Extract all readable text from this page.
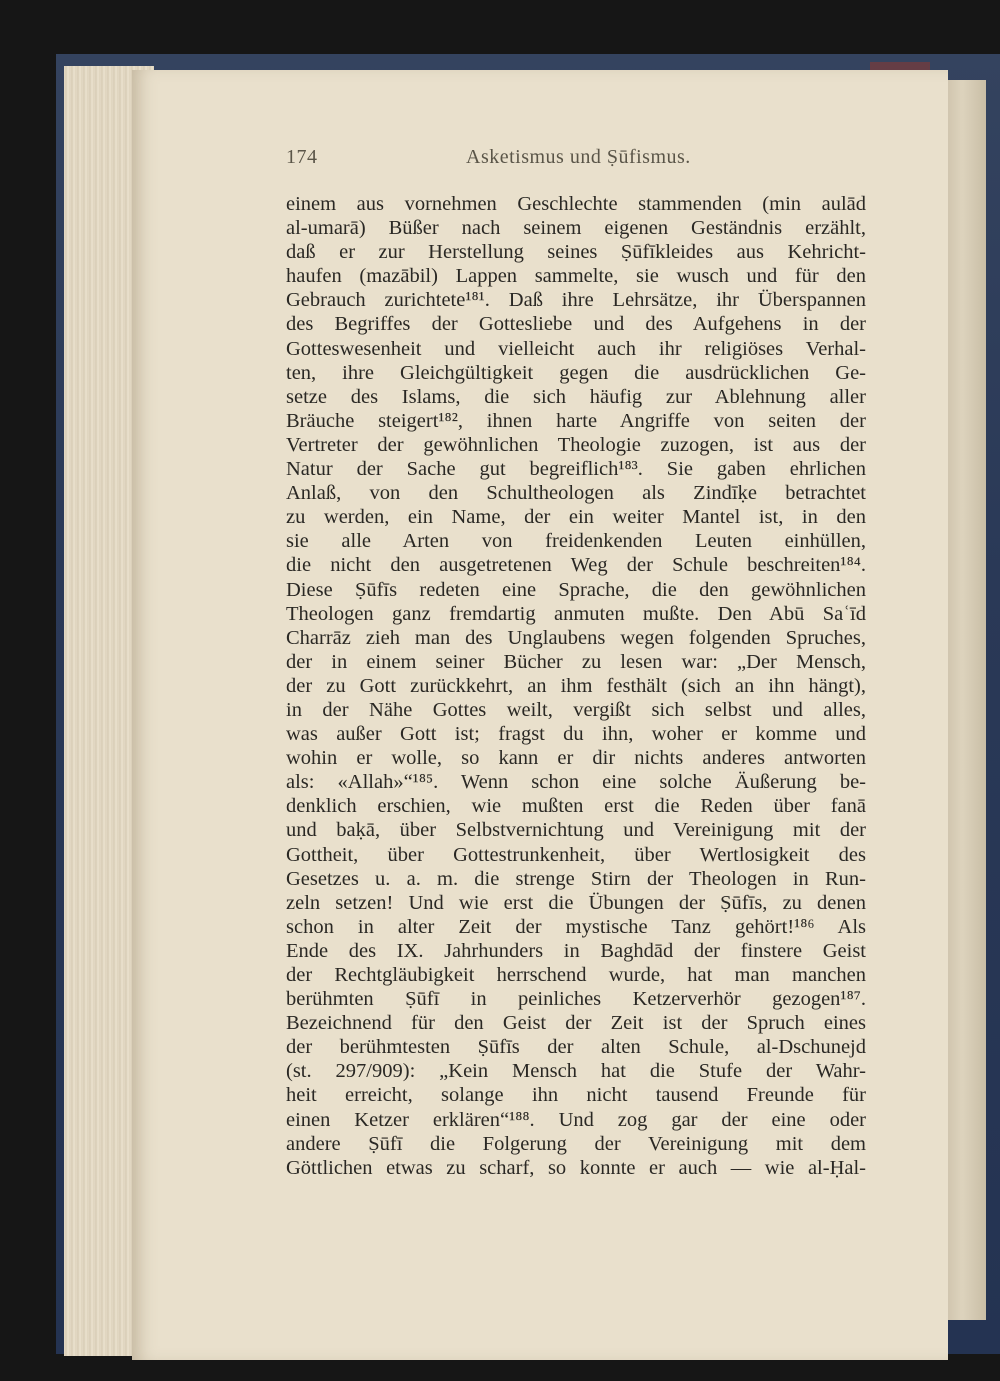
174	Asketismus und Ṣūfismus.
einem aus vornehmen Geschlechte stammenden (min aulād
al-umarā) Büßer nach seinem eigenen Geständnis erzählt,
daß er zur Herstellung seines Ṣūfīkleides aus Kehricht-
haufen (mazābil) Lappen sammelte, sie wusch und für den
Gebrauch zurichtete¹⁸¹. Daß ihre Lehrsätze, ihr Überspannen
des Begriffes der Gottesliebe und des Aufgehens in der
Gotteswesenheit und vielleicht auch ihr religiöses Verhal-
ten, ihre Gleichgültigkeit gegen die ausdrücklichen Ge-
setze des Islams, die sich häufig zur Ablehnung aller
Bräuche steigert¹⁸², ihnen harte Angriffe von seiten der
Vertreter der gewöhnlichen Theologie zuzogen, ist aus der
Natur der Sache gut begreiflich¹⁸³. Sie gaben ehrlichen
Anlaß, von den Schultheologen als Zindīḳe betrachtet
zu werden, ein Name, der ein weiter Mantel ist, in den
sie alle Arten von freidenkenden Leuten einhüllen,
die nicht den ausgetretenen Weg der Schule beschreiten¹⁸⁴.
Diese Ṣūfīs redeten eine Sprache, die den gewöhnlichen
Theologen ganz fremdartig anmuten mußte. Den Abū Saʿīd
Charrāz zieh man des Unglaubens wegen folgenden Spruches,
der in einem seiner Bücher zu lesen war: „Der Mensch,
der zu Gott zurückkehrt, an ihm festhält (sich an ihn hängt),
in der Nähe Gottes weilt, vergißt sich selbst und alles,
was außer Gott ist; fragst du ihn, woher er komme und
wohin er wolle, so kann er dir nichts anderes antworten
als: «Allah»“¹⁸⁵. Wenn schon eine solche Äußerung be-
denklich erschien, wie mußten erst die Reden über fanā
und baḳā, über Selbstvernichtung und Vereinigung mit der
Gottheit, über Gottestrunkenheit, über Wertlosigkeit des
Gesetzes u. a. m. die strenge Stirn der Theologen in Run-
zeln setzen! Und wie erst die Übungen der Ṣūfīs, zu denen
schon in alter Zeit der mystische Tanz gehört!¹⁸⁶ Als
Ende des IX. Jahrhunders in Baghdād der finstere Geist
der Rechtgläubigkeit herrschend wurde, hat man manchen
berühmten Ṣūfī in peinliches Ketzerverhör gezogen¹⁸⁷.
Bezeichnend für den Geist der Zeit ist der Spruch eines
der berühmtesten Ṣūfīs der alten Schule, al-Dschunejd
(st. 297/909): „Kein Mensch hat die Stufe der Wahr-
heit erreicht, solange ihn nicht tausend Freunde für
einen Ketzer erklären“¹⁸⁸. Und zog gar der eine oder
andere Ṣūfī die Folgerung der Vereinigung mit dem
Göttlichen etwas zu scharf, so konnte er auch — wie al-Ḥal-
